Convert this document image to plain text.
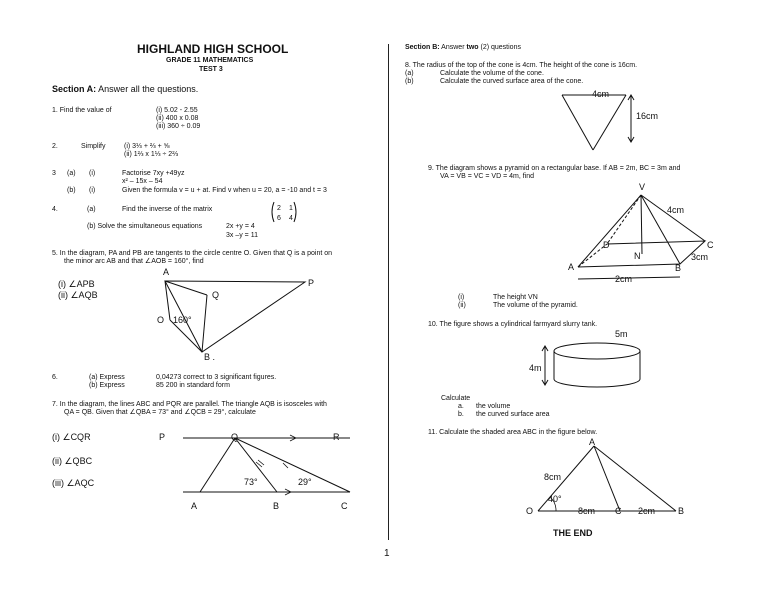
HIGHLAND HIGH SCHOOL
GRADE 11 MATHEMATICS
TEST 3
Section A: Answer all the questions.
1. Find the value of	(i) 5.02 - 2.55
(ii) 400 x 0.08
(iii) 360 ÷ 0.09
2.	Simplify	(i) 3⅓ + ⅔ + ⅝
(ii) 1⅔ x 1⅓ ÷ 2⅔
3 (a) (i)	Factorise 7xy +49yz
x² – 15x – 54
(b) (i)	Given the formula v = u + at. Find v when u = 20, a = -10 and t = 3
4.	(a)	Find the inverse of the matrix	2 1
6 4
(b) Solve the simultaneous equations	2x +y = 4
3x –y = 11
5. In the diagram, PA and PB are tangents to the circle centre O. Given that Q is a point on
the minor arc AB and that ∠AOB = 160°, find
(i) ∠APB
(ii) ∠AQB
A
P
Q
O 160°
B .
6.	(a) Express	0,04273 correct to 3 significant figures.
(b) Express	85 200 in standard form
7. In the diagram, the lines ABC and PQR are parallel. The triangle AQB is isosceles with
QA = QB. Given that ∠QBA = 73° and ∠QCB = 29°, calculate
(i) ∠CQR
(ii) ∠QBC
(iii) ∠AQC
P	Q	R
A	B	C
73°	29°
1
Section B: Answer two (2) questions
8. The radius of the top of the cone is 4cm. The height of the cone is 16cm.
(a)	Calculate the volume of the cone.
(b)	Calculate the curved surface area of the cone.
4cm
16cm
9. The diagram shows a pyramid on a rectangular base. If AB = 2m, BC = 3m and
VA = VB = VC = VD = 4m, find
V
4cm
D	C
N
A	B
3cm
2cm
(i)	The height VN
(ii)	The volume of the pyramid.
10. The figure shows a cylindrical farmyard slurry tank.
5m
4m
Calculate
a. the volume
b. the curved surface area
11. Calculate the shaded area ABC in the figure below.
A
8cm
40°
O	8cm C 2cm	B
THE END
